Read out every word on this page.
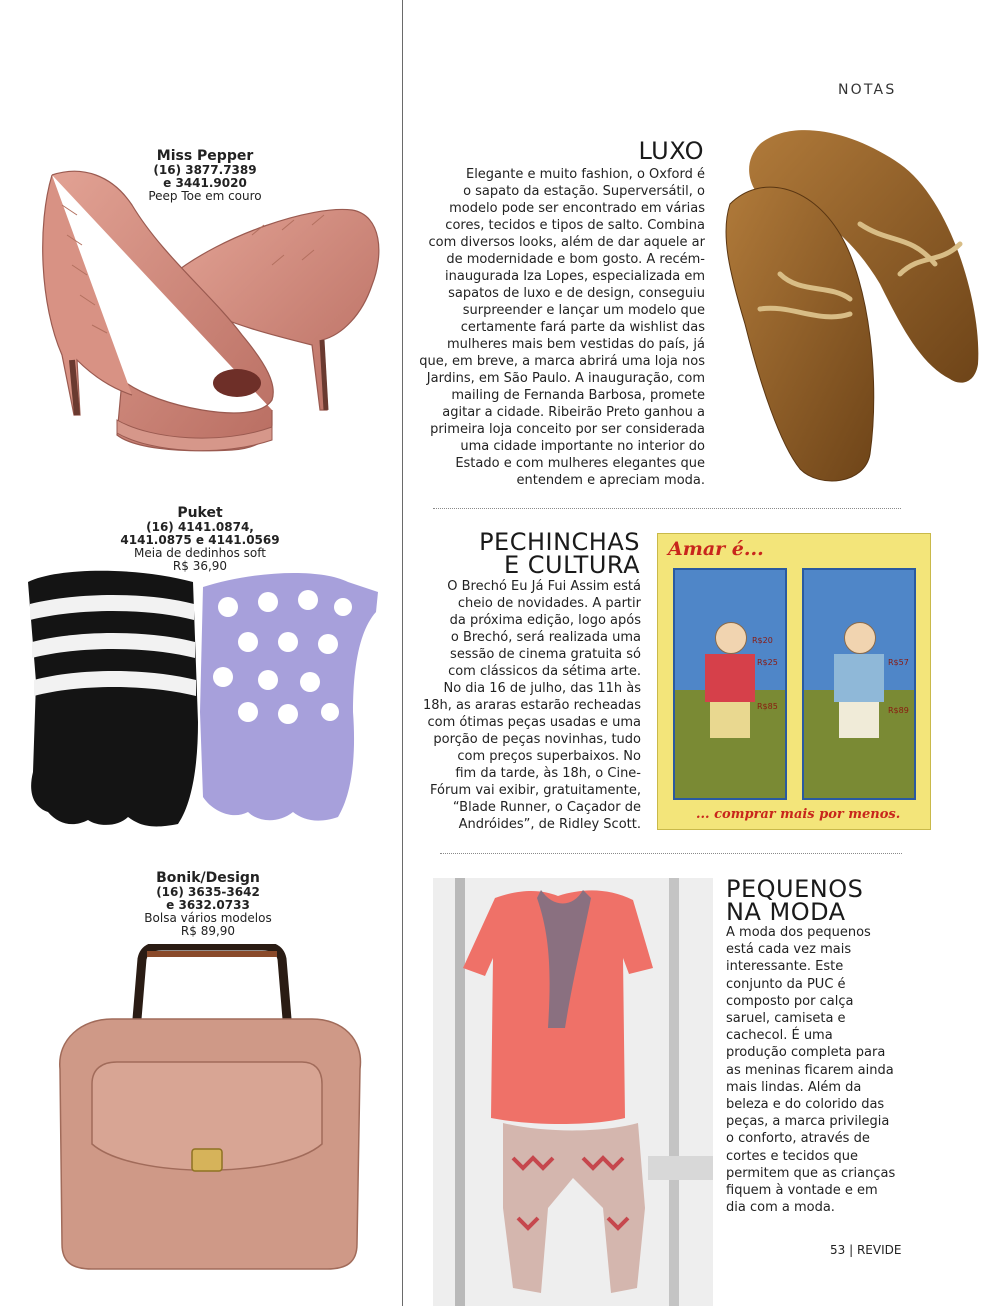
NOTAS
Miss Pepper
(16) 3877.7389
e 3441.9020
Peep Toe em couro
Puket
(16) 4141.0874,
4141.0875 e 4141.0569
Meia de dedinhos soft
R$ 36,90
Bonik/Design
(16) 3635-3642
e 3632.0733
Bolsa vários modelos
R$ 89,90
LUXO
Elegante e muito fashion, o Oxford é
o sapato da estação. Superversátil, o
modelo pode ser encontrado em várias
cores, tecidos e tipos de salto. Combina
com diversos looks, além de dar aquele ar
de modernidade e bom gosto. A recém-
inaugurada Iza Lopes, especializada em
sapatos de luxo e de design, conseguiu
surpreender e lançar um modelo que
certamente fará parte da wishlist das
mulheres mais bem vestidas do país, já
que, em breve, a marca abrirá uma loja nos
Jardins, em São Paulo. A inauguração, com
mailing de Fernanda Barbosa, promete
agitar a cidade. Ribeirão Preto ganhou a
primeira loja conceito por ser considerada
uma cidade importante no interior do
Estado e com mulheres elegantes que
entendem e apreciam moda.
PECHINCHAS
E CULTURA
O Brechó Eu Já Fui Assim está
cheio de novidades. A partir
da próxima edição, logo após
o Brechó, será realizada uma
sessão de cinema gratuita só
com clássicos da sétima arte.
No dia 16 de julho, das 11h às
18h, as araras estarão recheadas
com ótimas peças usadas e uma
porção de peças novinhas, tudo
com preços superbaixos. No
fim da tarde, às 18h, o Cine-
Fórum vai exibir, gratuitamente,
“Blade Runner, o Caçador de
Andróides”, de Ridley Scott.
Amar é...
R$20
R$25
R$85
R$57
R$89
... comprar mais por menos.
PEQUENOS
NA MODA
A moda dos pequenos
está cada vez mais
interessante. Este
conjunto da PUC é
composto por calça
saruel, camiseta e
cachecol. É uma
produção completa para
as meninas ficarem ainda
mais lindas. Além da
beleza e do colorido das
peças, a marca privilegia
o conforto, através de
cortes e tecidos que
permitem que as crianças
fiquem à vontade e em
dia com a moda.
53 | REVIDE
